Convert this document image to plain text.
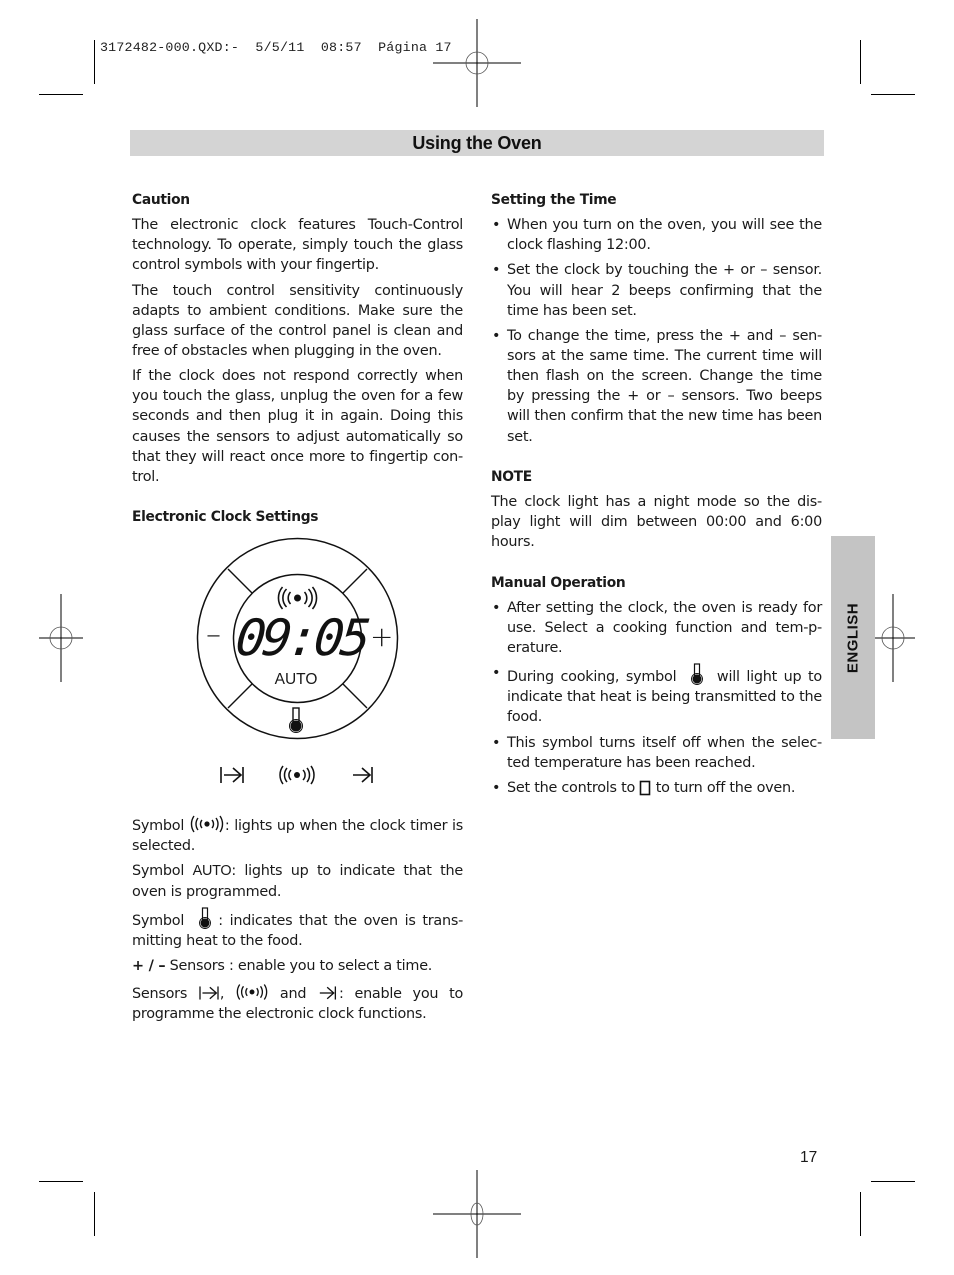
3172482-000.QXD:- 5/5/11 08:57 Página 17
Using the Oven
Caution

The electronic clock features Touch-Control technology. To operate, simply touch the glass control symbols with your fingertip.

The touch control sensitivity continuously adapts to ambient conditions. Make sure the glass surface of the control panel is clean and free of obstacles when plugging in the oven.

If the clock does not respond correctly when you touch the glass, unplug the oven for a few seconds and then plug it in again. Doing this causes the sensors to adjust automatically so that they will react once more to fingertip con-trol.

Electronic Clock Settings
09:05
–	+
AUTO

Symbol	: lights up when the clock timer is selected.

Symbol AUTO: lights up to indicate that the oven is programmed.

Symbol : indicates that the oven is trans-mitting heat to the food.

+ / – Sensors : enable you to select a time.

Sensors ,	and : enable you to programme the electronic clock functions.

Setting the Time
• When you turn on the oven, you will see the clock flashing 12:00.
• Set the clock by touching the + or – sensor. You will hear 2 beeps confirming that the time has been set.
• To change the time, press the + and – sen-sors at the same time. The current time will then flash on the screen. Change the time by pressing the + or – sensors. Two beeps will then confirm that the new time has been set.
NOTE

The clock light has a night mode so the dis-play light will dim between 00:00 and 6:00 hours.

Manual Operation
• After setting the clock, the oven is ready for use. Select a cooking function and tem-p-erature.
• During cooking, symbol	will light up to indicate that heat is being transmitted to the food.
• This symbol turns itself off when the selec-ted temperature has been reached.
• Set the controls to to turn off the oven.
ENGLISH
17
